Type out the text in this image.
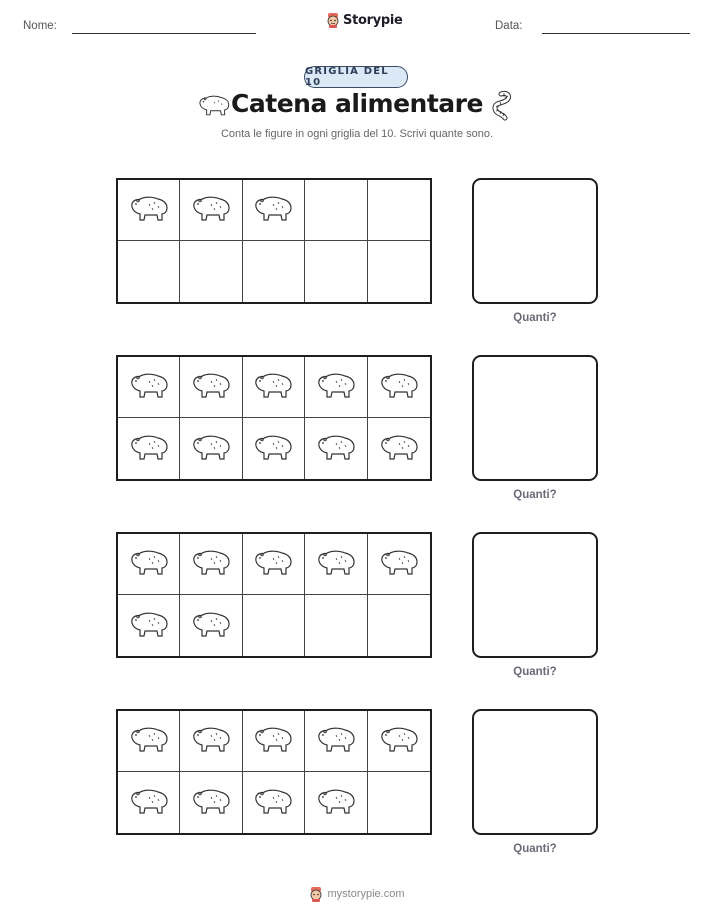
Nome:	Storypie	Data:
GRIGLIA DEL 10
Catena alimentare
Conta le figure in ogni griglia del 10. Scrivi quante sono.
Quanti?
Quanti?
Quanti?
Quanti?
mystorypie.com
